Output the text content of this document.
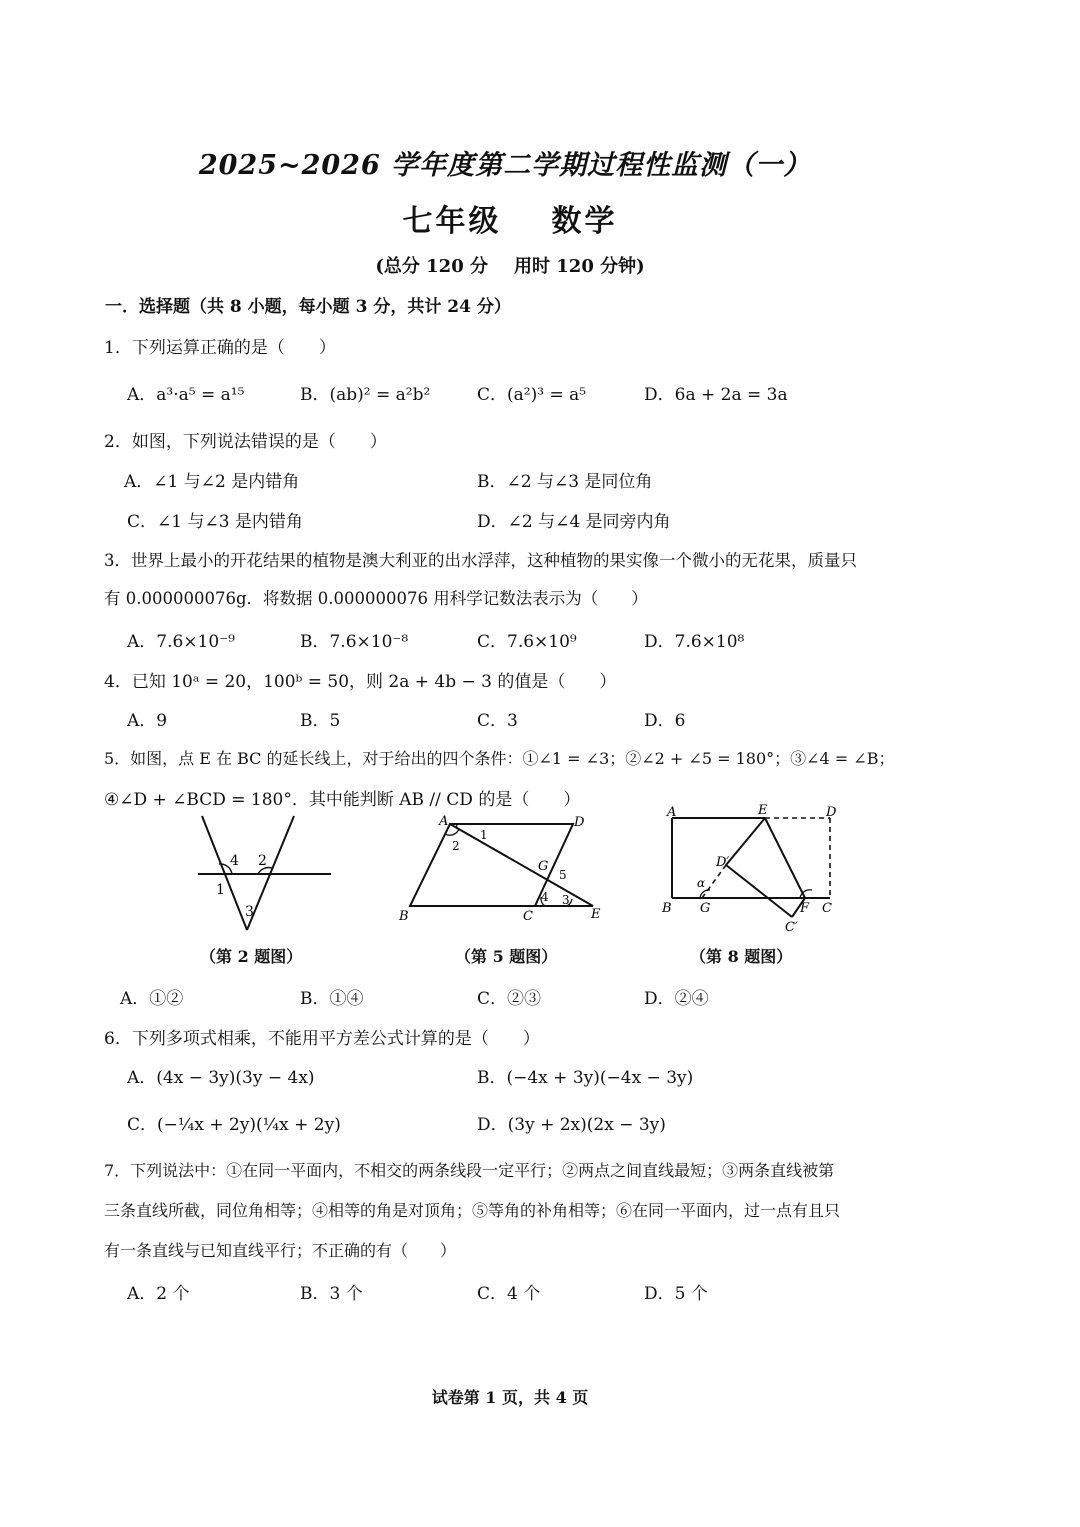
2025~2026 学年度第二学期过程性监测（一）
七年级 数学
(总分 120 分 用时 120 分钟)
一．选择题（共 8 小题，每小题 3 分，共计 24 分）
1．下列运算正确的是（　　）
A．a³·a⁵ = a¹⁵	B．(ab)² = a²b²	C．(a²)³ = a⁵	D．6a + 2a = 3a
2．如图，下列说法错误的是（　　）
A．∠1 与∠2 是内错角	B．∠2 与∠3 是同位角
C．∠1 与∠3 是内错角	D．∠2 与∠4 是同旁内角
3．世界上最小的开花结果的植物是澳大利亚的出水浮萍，这种植物的果实像一个微小的无花果，质量只
有 0.000000076g．将数据 0.000000076 用科学记数法表示为（　　）
A．7.6×10⁻⁹	B．7.6×10⁻⁸	C．7.6×10⁹	D．7.6×10⁸
4．已知 10ᵃ = 20，100ᵇ = 50，则 2a + 4b − 3 的值是（　　）
A．9	B．5	C．3	D．6
5．如图，点 E 在 BC 的延长线上，对于给出的四个条件：①∠1 = ∠3；②∠2 + ∠5 = 180°；③∠4 = ∠B；
④∠D + ∠BCD = 180°．其中能判断 AB // CD 的是（　　）
4 2
1
3
A	D
B	C	E
G
1
2
3
4
5
A	E	D
D′
α
B G	F C
C′
（第 2 题图）	（第 5 题图）	（第 8 题图）
A．①②	B．①④	C．②③	D．②④
6．下列多项式相乘，不能用平方差公式计算的是（　　）
A．(4x − 3y)(3y − 4x)	B．(−4x + 3y)(−4x − 3y)
C．(−¼x + 2y)(¼x + 2y)	D．(3y + 2x)(2x − 3y)
7．下列说法中：①在同一平面内，不相交的两条线段一定平行；②两点之间直线最短；③两条直线被第
三条直线所截，同位角相等；④相等的角是对顶角；⑤等角的补角相等；⑥在同一平面内，过一点有且只
有一条直线与已知直线平行；不正确的有（　　）
A．2 个	B．3 个	C．4 个	D．5 个
试卷第 1 页，共 4 页
